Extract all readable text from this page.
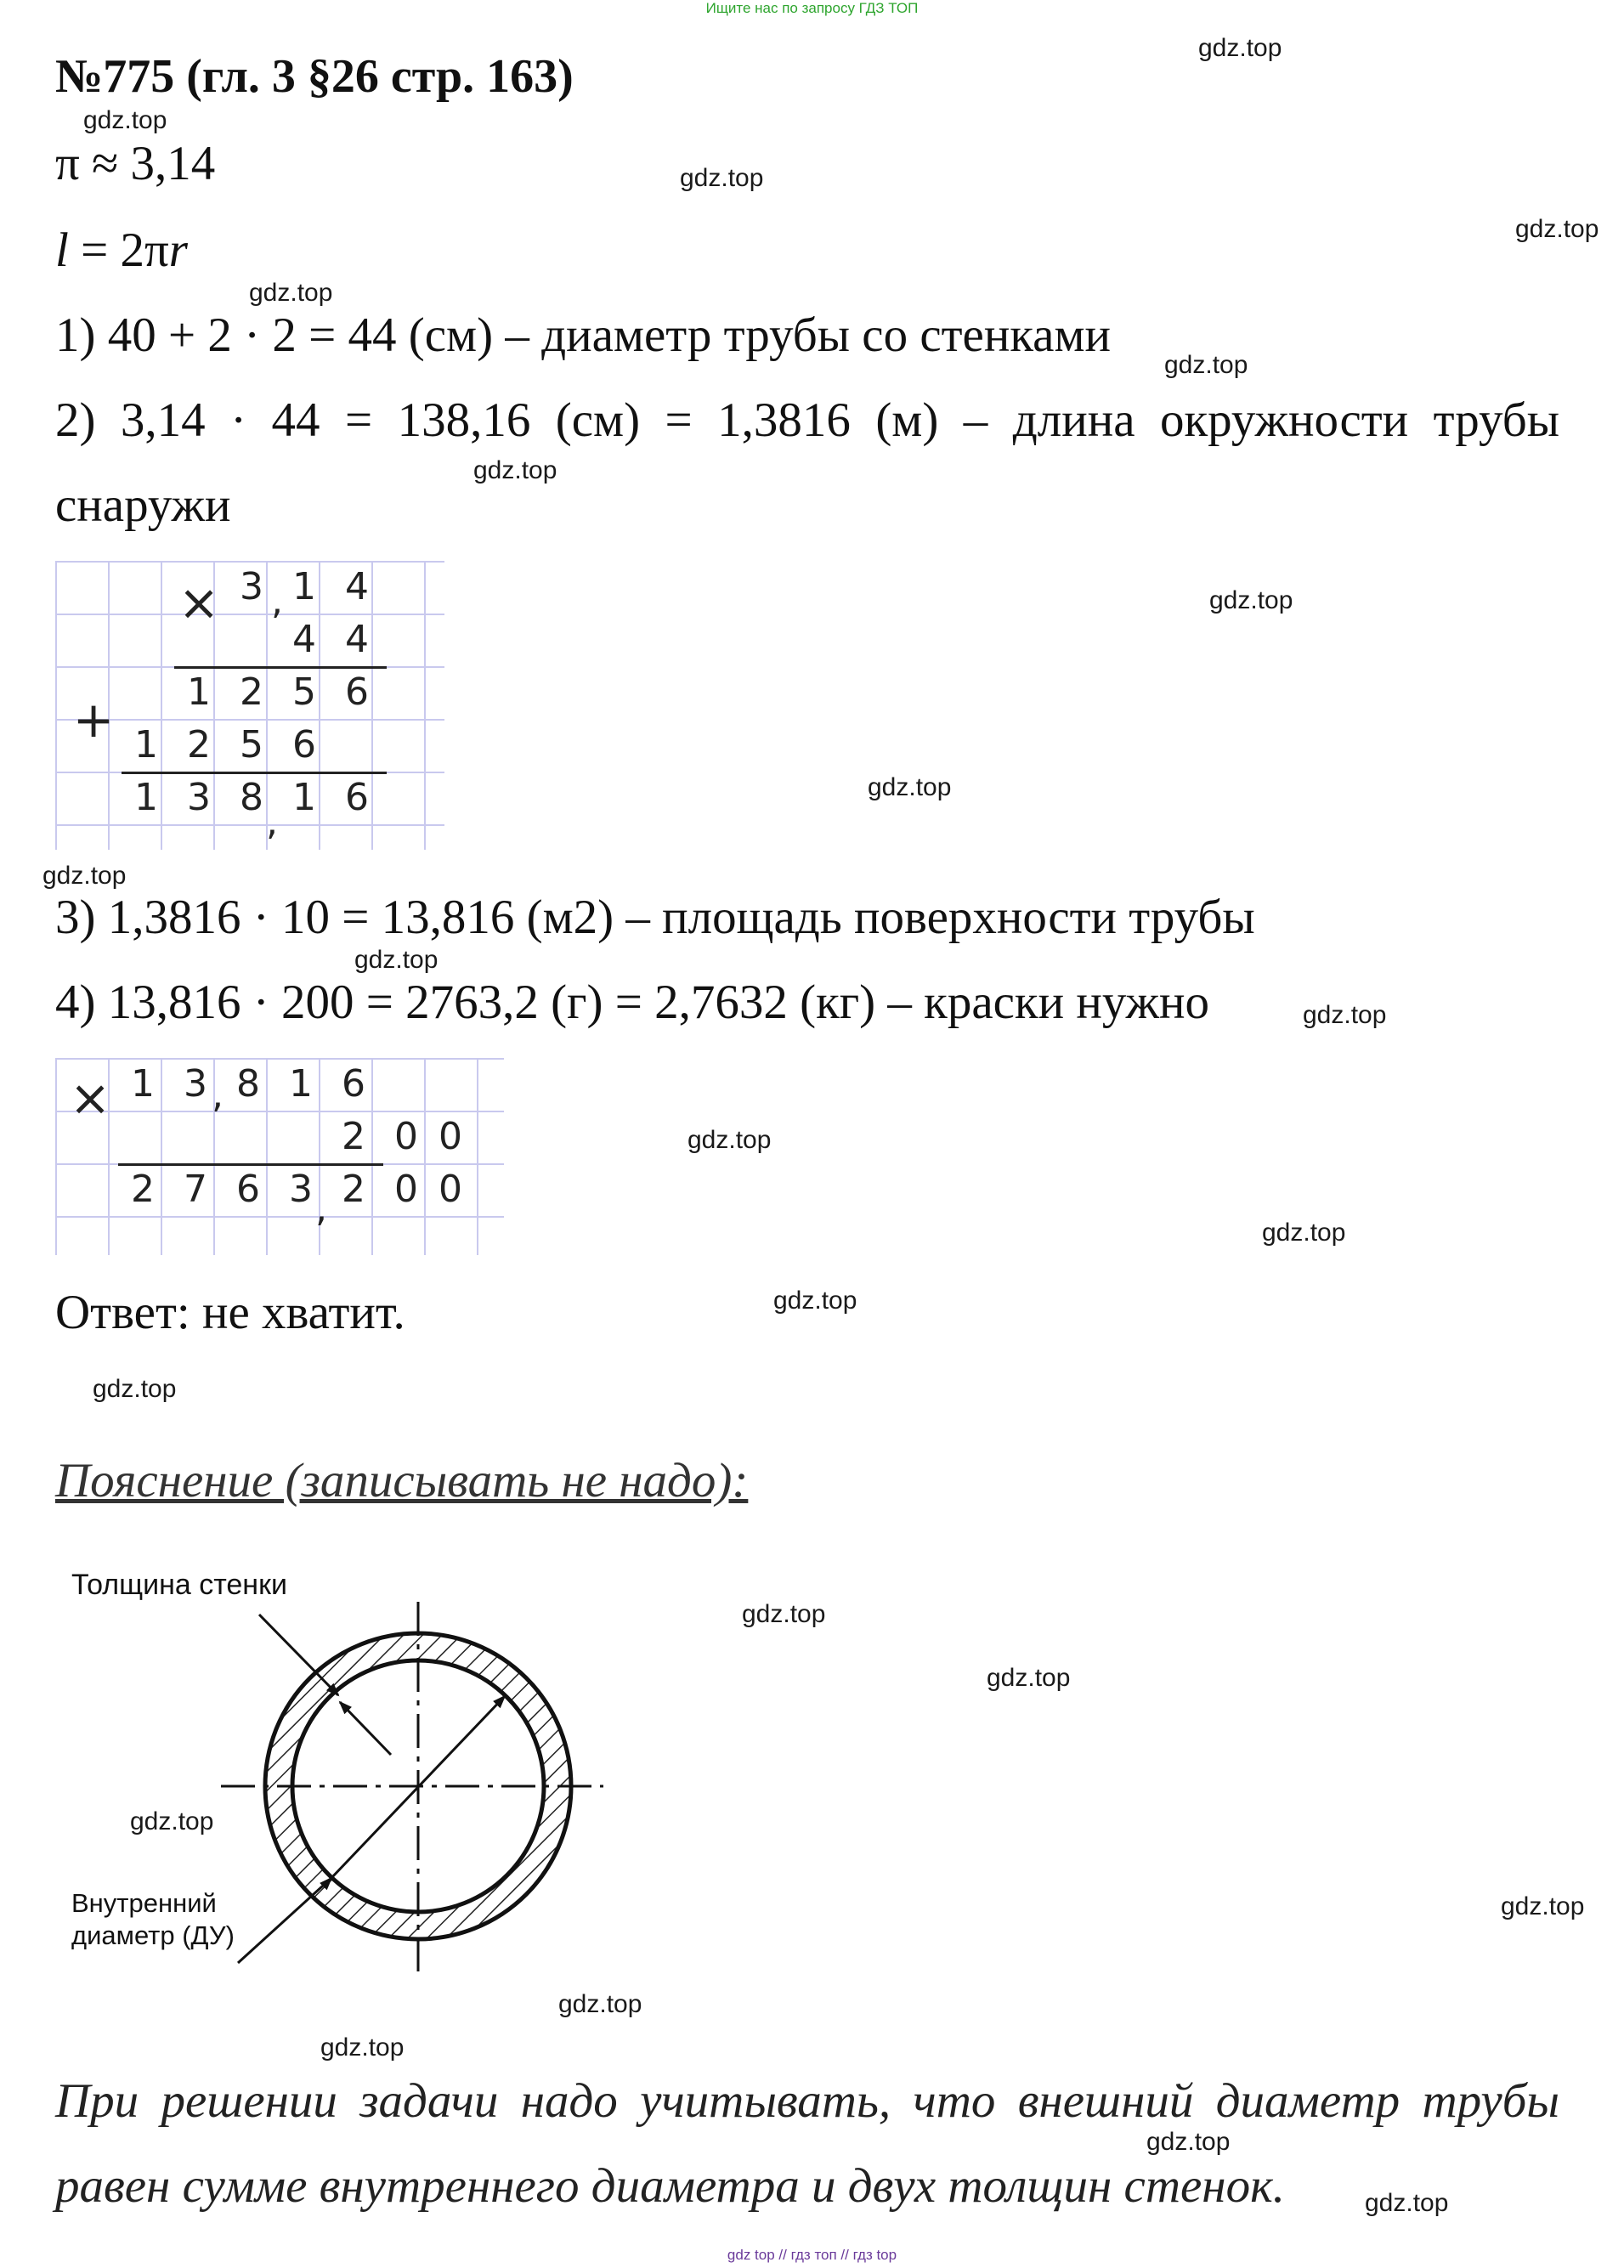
Ищите нас по запросу ГДЗ ТОП
№775 (гл. 3 §26 стр. 163)
π ≈ 3,14
l = 2πr
1) 40 + 2 · 2 = 44 (см) – диаметр трубы со стенками
2) 3,14 · 44 = 138,16 (см) = 1,3816 (м) – длина окружности трубы
снаружи
× 3 , 1 4
4 4
1 2 5 6
+ 1 2 5 6
1 3 8
,
1 6
3) 1,3816 · 10 = 13,816 (м2) – площадь поверхности трубы
4) 13,816 · 200 = 2763,2 (г) = 2,7632 (кг) – краски нужно
× 1 3 , 8 1 6
2 0 0
2 7 6 3 , 2 0 0
Ответ: не хватит.
Пояснение (записывать не надо):
Толщина стенки
Внутренний
диаметр (ДУ)
При решении задачи надо учитывать, что внешний диаметр трубы
равен сумме внутреннего диаметра и двух толщин стенок.
gdz.top
gdz.top
gdz.top
gdz.top
gdz.top
gdz.top
gdz.top
gdz.top
gdz.top
gdz.top
gdz.top
gdz.top
gdz.top
gdz.top
gdz.top
gdz.top
gdz.top
gdz.top
gdz.top
gdz.top
gdz.top
gdz.top
gdz.top
gdz.top
gdz top // гдз топ // гдз top
